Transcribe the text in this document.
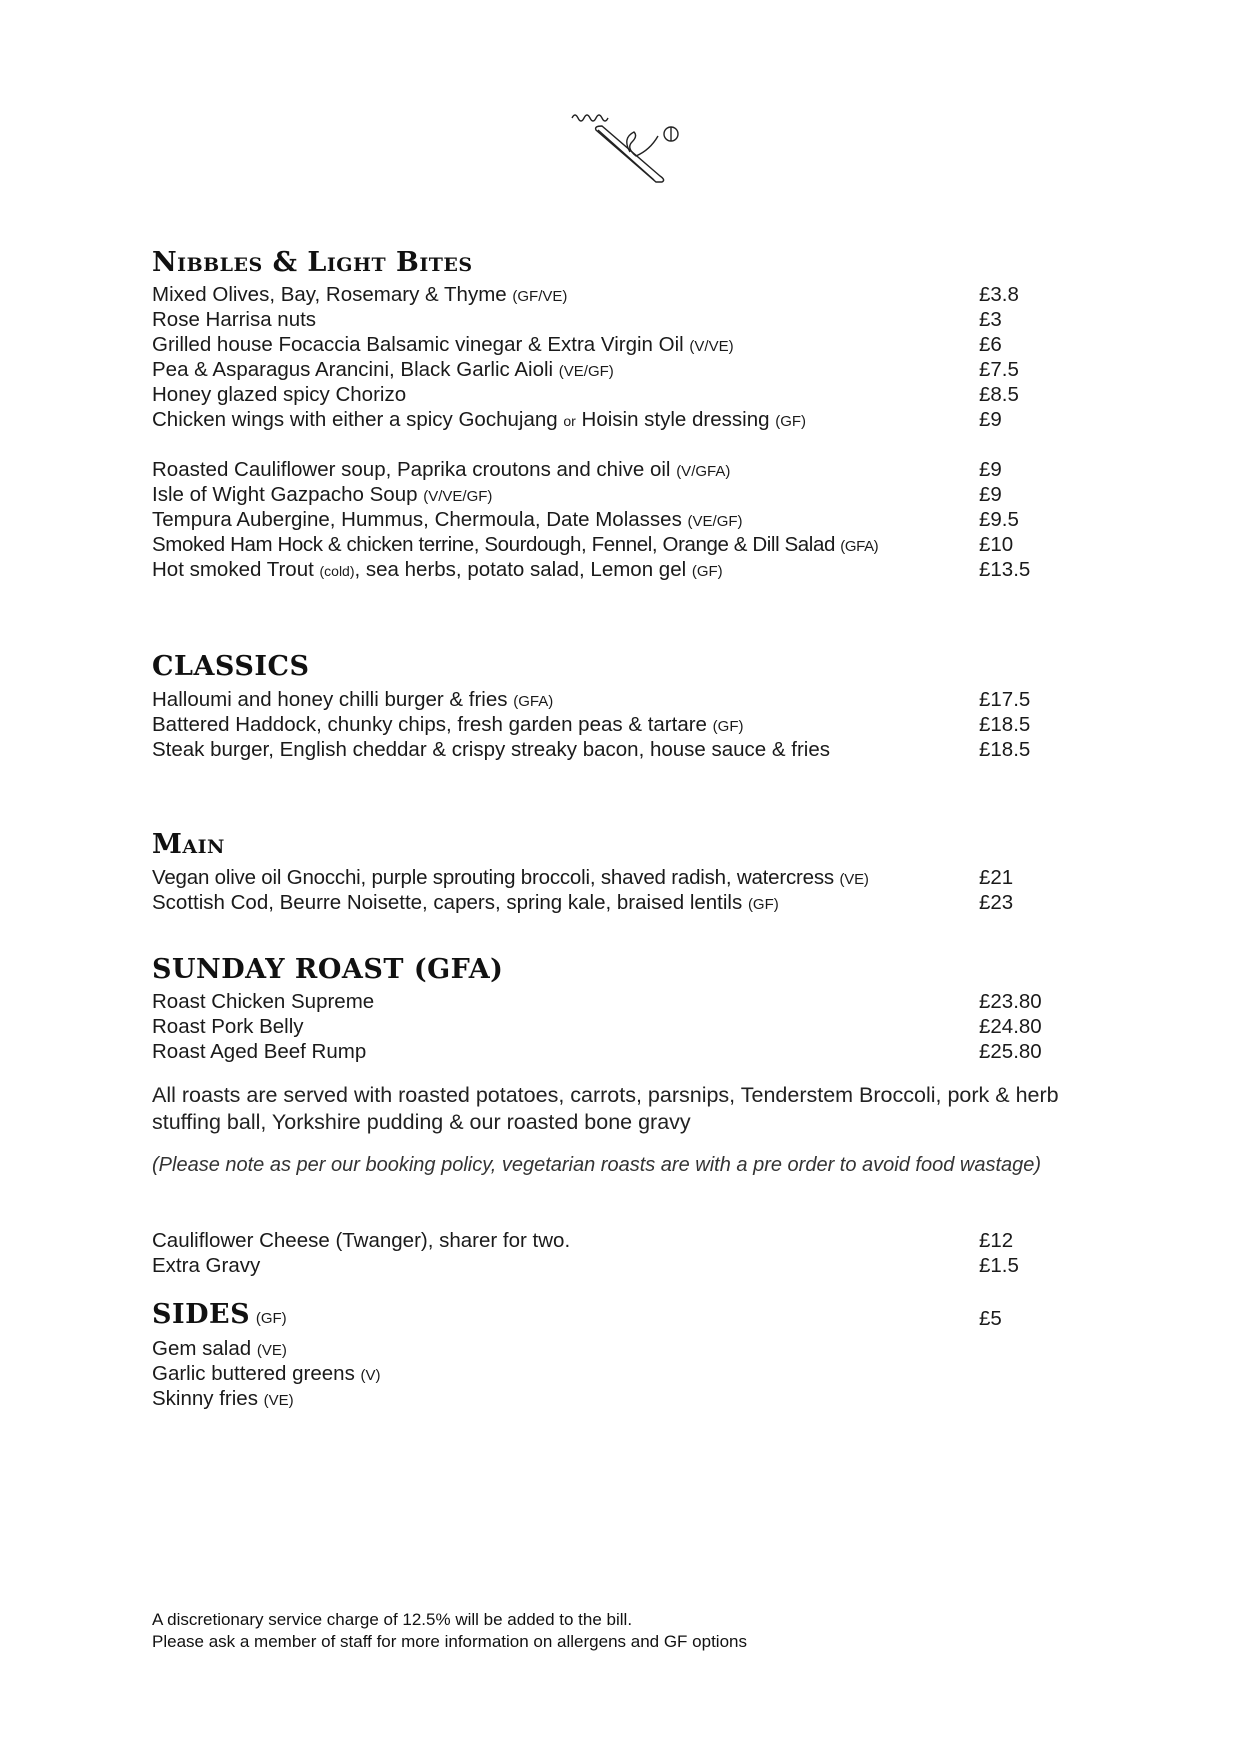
Nibbles & Light Bites
Mixed Olives, Bay, Rosemary & Thyme (GF/VE)	£3.8
Rose Harrisa nuts	£3
Grilled house Focaccia Balsamic vinegar & Extra Virgin Oil (V/VE)	£6
Pea & Asparagus Arancini, Black Garlic Aioli (VE/GF)	£7.5
Honey glazed spicy Chorizo	£8.5
Chicken wings with either a spicy Gochujang or Hoisin style dressing (GF)	£9
Roasted Cauliflower soup, Paprika croutons and chive oil (V/GFA)	£9
Isle of Wight Gazpacho Soup (V/VE/GF)	£9
Tempura Aubergine, Hummus, Chermoula, Date Molasses (VE/GF)	£9.5
Smoked Ham Hock & chicken terrine, Sourdough, Fennel, Orange & Dill Salad (GFA)	£10
Hot smoked Trout (cold), sea herbs, potato salad, Lemon gel (GF)	£13.5
CLASSICS
Halloumi and honey chilli burger & fries (GFA)	£17.5
Battered Haddock, chunky chips, fresh garden peas & tartare (GF)	£18.5
Steak burger, English cheddar & crispy streaky bacon, house sauce & fries	£18.5
Main
Vegan olive oil Gnocchi, purple sprouting broccoli, shaved radish, watercress (VE)	£21
Scottish Cod, Beurre Noisette, capers, spring kale, braised lentils (GF)	£23
SUNDAY ROAST (GFA)
Roast Chicken Supreme	£23.80
Roast Pork Belly	£24.80
Roast Aged Beef Rump	£25.80
All roasts are served with roasted potatoes, carrots, parsnips, Tenderstem Broccoli, pork & herb stuffing ball, Yorkshire pudding & our roasted bone gravy
(Please note as per our booking policy, vegetarian roasts are with a pre order to avoid food wastage)
Cauliflower Cheese (Twanger), sharer for two.	£12
Extra Gravy	£1.5
SIDES (GF)	£5
Gem salad (VE)
Garlic buttered greens (V)
Skinny fries (VE)
A discretionary service charge of 12.5% will be added to the bill.
Please ask a member of staff for more information on allergens and GF options
